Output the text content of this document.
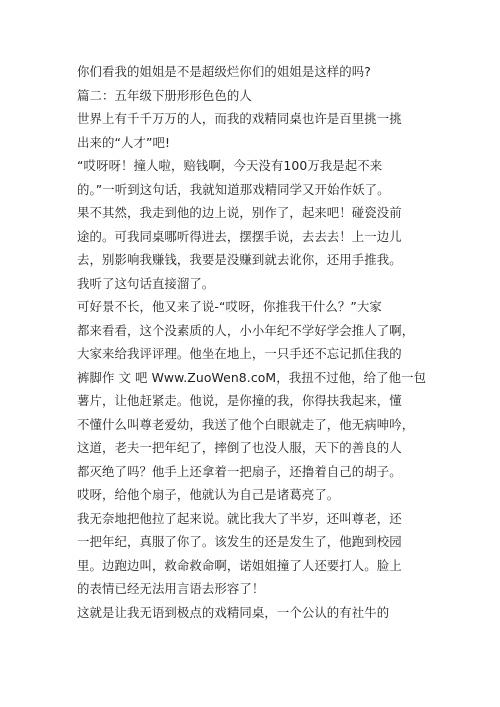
你们看我的姐姐是不是超级烂你们的姐姐是这样的吗?
篇二：五年级下册形形色色的人
世界上有千千万万的人，而我的戏精同桌也许是百里挑一挑
出来的“人才”吧!
“哎呀呀！撞人啦，赔钱啊，今天没有100万我是起不来
的。”一听到这句话，我就知道那戏精同学又开始作妖了。
果不其然，我走到他的边上说，别作了，起来吧！碰瓷没前
途的。可我同桌哪听得进去，摆摆手说，去去去！上一边儿
去，别影响我赚钱，我要是没赚到就去讹你，还用手推我。
我听了这句话直接溜了。
可好景不长，他又来了说-“哎呀，你推我干什么？”大家
都来看看，这个没素质的人，小小年纪不学好学会推人了啊，
大家来给我评评理。他坐在地上，一只手还不忘记抓住我的
裤脚作 文 吧 Www.ZuoWen8.coM，我扭不过他，给了他一包
薯片，让他赶紧走。他说，是你撞的我，你得扶我起来，懂
不懂什么叫尊老爱幼，我送了他个白眼就走了，他无病呻吟，
这道，老夫一把年纪了，摔倒了也没人服，天下的善良的人
都灭绝了吗？他手上还拿着一把扇子，还撸着自己的胡子。
哎呀，给他个扇子，他就认为自己是诸葛亮了。
我无奈地把他拉了起来说。就比我大了半岁，还叫尊老，还
一把年纪，真服了你了。该发生的还是发生了，他跑到校园
里。边跑边叫，救命救命啊，诺姐姐撞了人还要打人。脸上
的表情已经无法用言语去形容了！
这就是让我无语到极点的戏精同桌，一个公认的有社牛的
